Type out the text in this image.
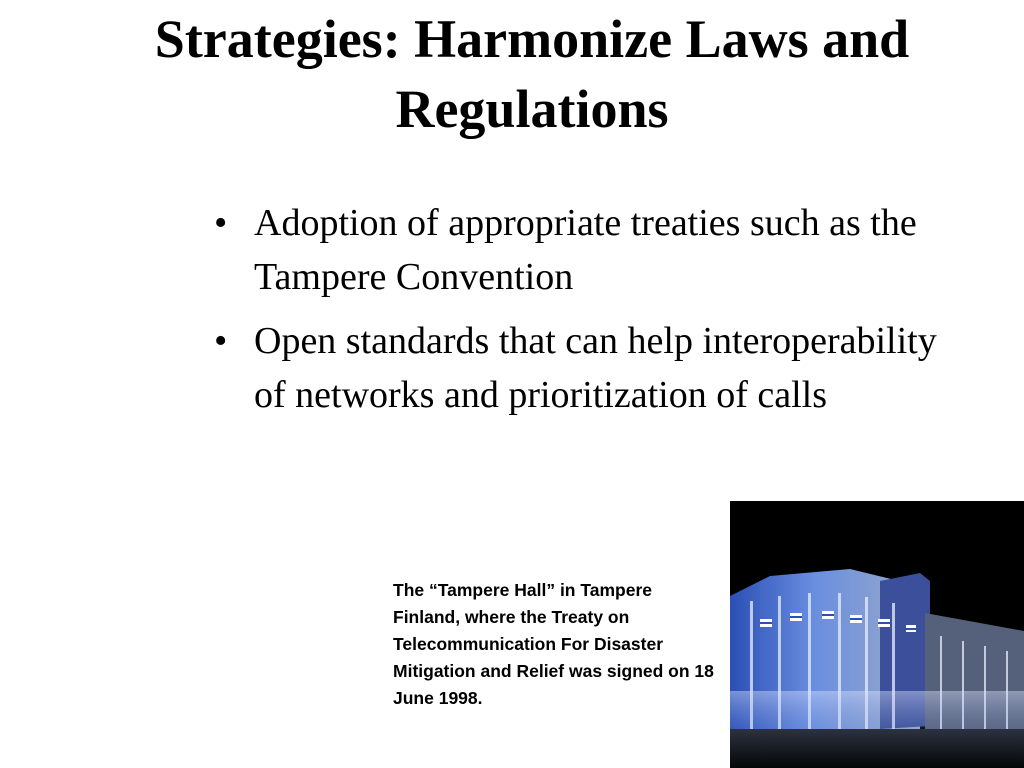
Strategies: Harmonize Laws and Regulations
• Adoption of appropriate treaties such as the Tampere Convention
• Open standards that can help interoperability of networks and prioritization of calls

The “Tampere Hall” in Tampere Finland, where the Treaty on Telecommunication For Disaster Mitigation and Relief was signed on 18 June 1998.
